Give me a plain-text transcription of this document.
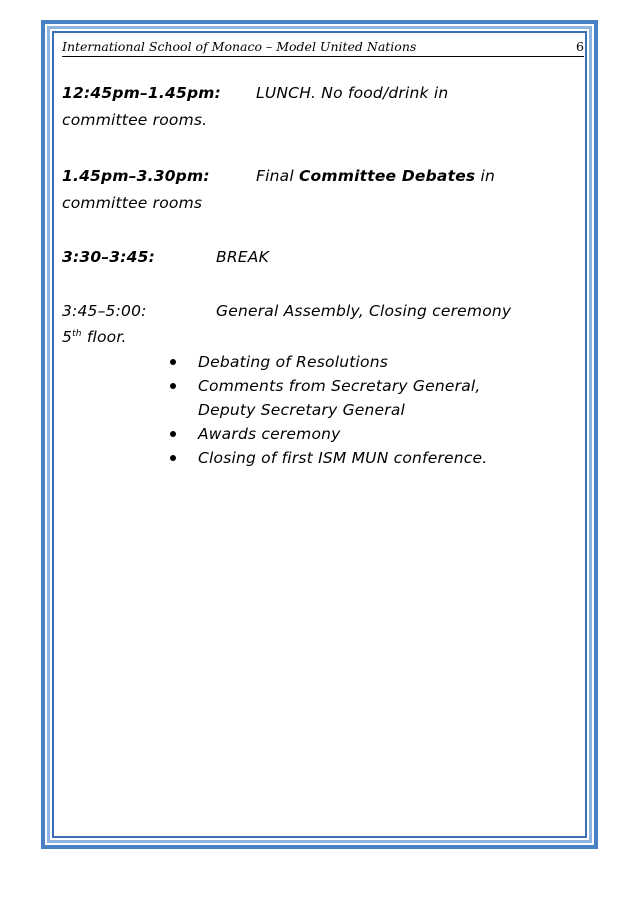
International School of Monaco – Model United Nations	6
12:45pm–1.45pm: LUNCH. No food/drink in
committee rooms.
1.45pm–3.30pm:	Final Committee Debates in
committee rooms
3:30–3:45:	BREAK
3:45–5:00:	General Assembly, Closing ceremony
5th floor.
Debating of Resolutions
Comments from Secretary General,
Deputy Secretary General
Awards ceremony
Closing of first ISM MUN conference.
